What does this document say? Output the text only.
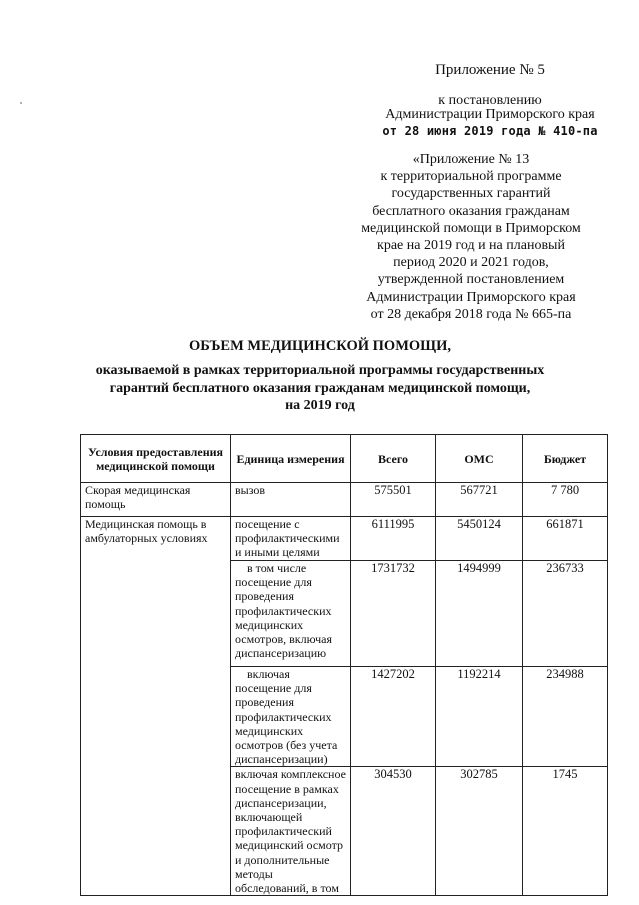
Приложение № 5
к постановлению
Администрации Приморского края
от 28 июня 2019 года № 410-па
«Приложение № 13
к территориальной программе
государственных гарантий
бесплатного оказания гражданам
медицинской помощи в Приморском
крае на 2019 год и на плановый
период 2020 и 2021 годов,
утвержденной постановлением
Администрации Приморского края
от 28 декабря 2018 года № 665-па
ОБЪЕМ МЕДИЦИНСКОЙ ПОМОЩИ,
оказываемой в рамках территориальной программы государственных
гарантий бесплатного оказания гражданам медицинской помощи,
на 2019 год
Условия предоставления медицинской помощи	Единица измерения	Всего	ОМС	Бюджет
Скорая медицинская помощь	вызов	575501	567721	7 780
Медицинская помощь в амбулаторных условиях	посещение с профилактическими и иными целями	6111995	5450124	661871
	в том числе посещение для проведения профилактических медицинских осмотров, включая диспансеризацию	1731732	1494999	236733
	включая посещение для проведения профилактических медицинских осмотров (без учета диспансеризации)	1427202	1192214	234988
	включая комплексное посещение в рамках диспансеризации, включающей профилактический медицинский осмотр и дополнительные методы обследований, в том	304530	302785	1745
